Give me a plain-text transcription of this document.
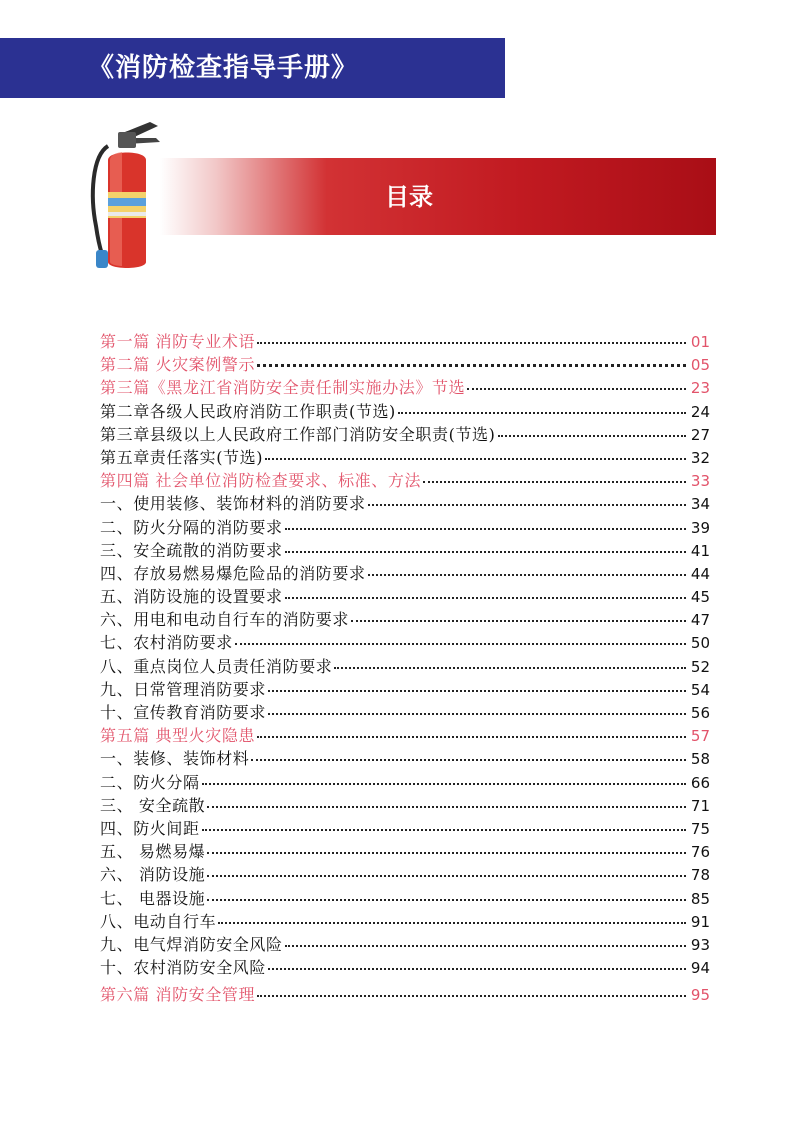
《消防检查指导手册》
目录
第一篇 消防专业术语	01
第二篇 火灾案例警示	05
第三篇《黑龙江省消防安全责任制实施办法》节选	23
第二章各级人民政府消防工作职责(节选)	24
第三章县级以上人民政府工作部门消防安全职责(节选)	27
第五章责任落实(节选)	32
第四篇 社会单位消防检查要求、标准、方法	33
一、使用装修、装饰材料的消防要求	34
二、防火分隔的消防要求	39
三、安全疏散的消防要求	41
四、存放易燃易爆危险品的消防要求	44
五、消防设施的设置要求	45
六、用电和电动自行车的消防要求	47
七、农村消防要求	50
八、重点岗位人员责任消防要求	52
九、日常管理消防要求	54
十、宣传教育消防要求	56
第五篇 典型火灾隐患	57
一、装修、装饰材料	58
二、防火分隔	66
三、 安全疏散	71
四、防火间距	75
五、 易燃易爆	76
六、 消防设施	78
七、 电器设施	85
八、电动自行车	91
九、电气焊消防安全风险	93
十、农村消防安全风险	94
第六篇 消防安全管理	95
